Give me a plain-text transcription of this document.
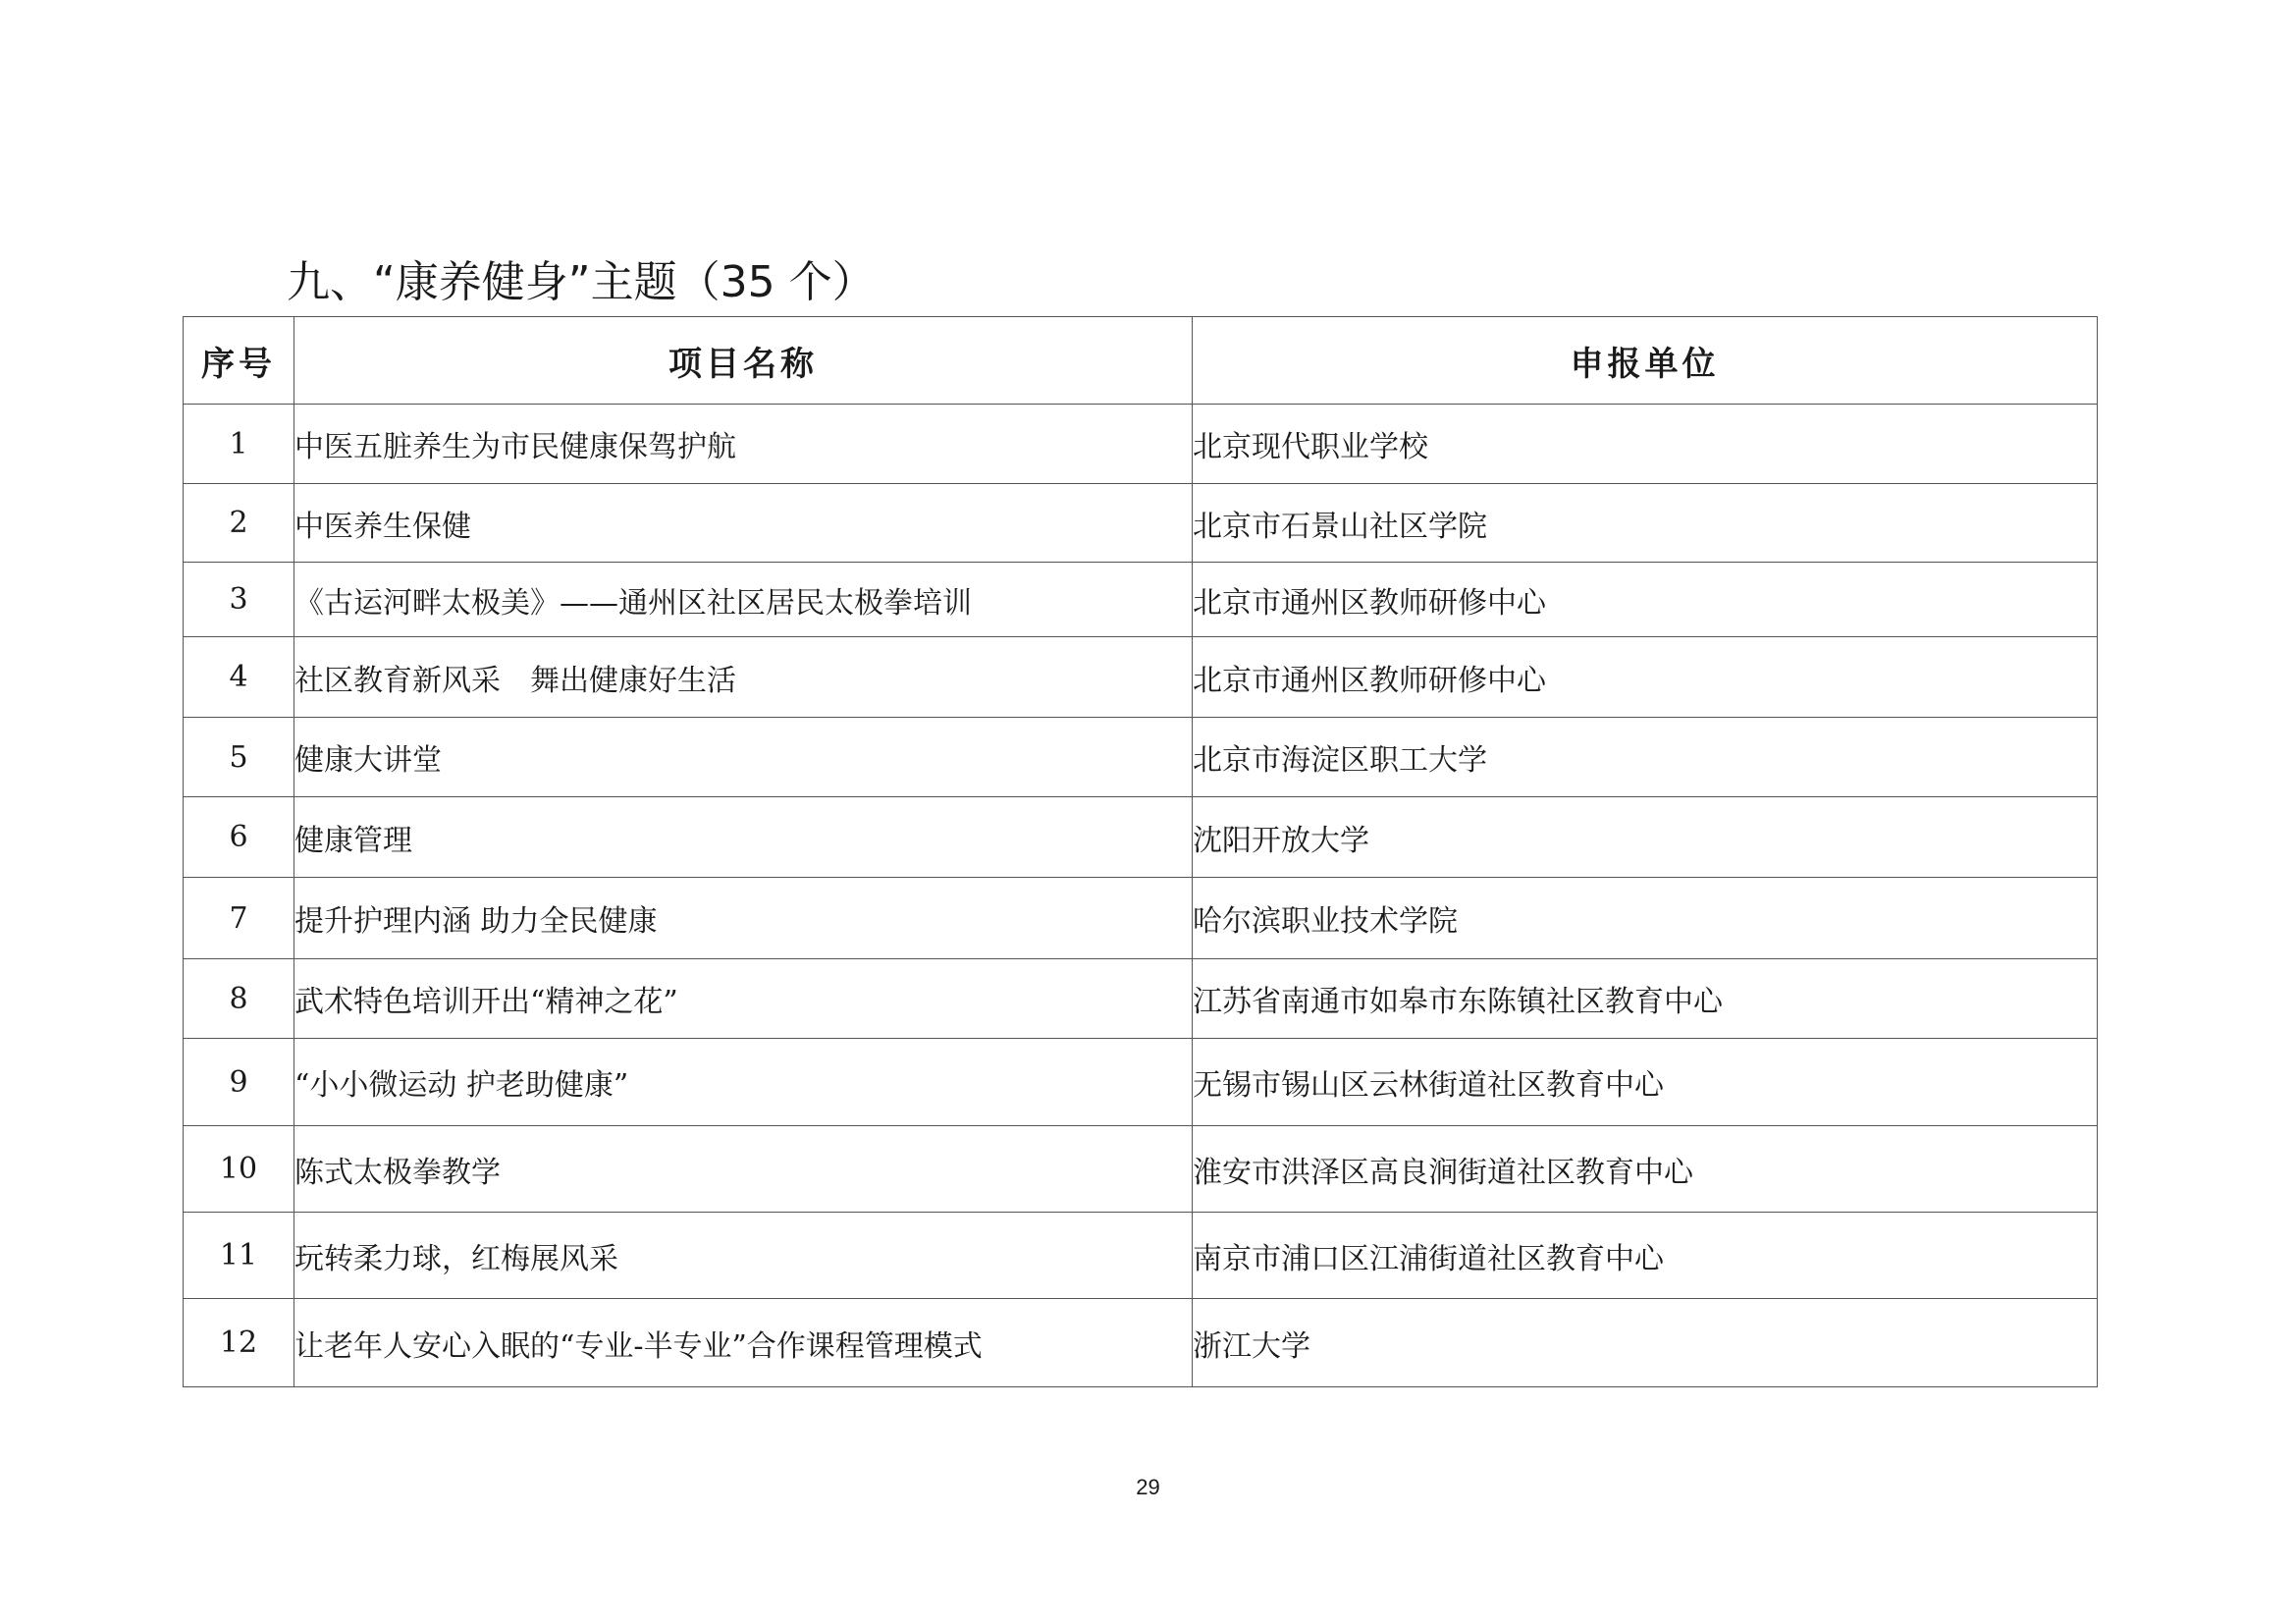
九、“康养健身”主题（35 个）
序号	项目名称	申报单位
1	中医五脏养生为市民健康保驾护航	北京现代职业学校
2	中医养生保健	北京市石景山社区学院
3	《古运河畔太极美》——通州区社区居民太极拳培训	北京市通州区教师研修中心
4	社区教育新风采　舞出健康好生活	北京市通州区教师研修中心
5	健康大讲堂	北京市海淀区职工大学
6	健康管理	沈阳开放大学
7	提升护理内涵 助力全民健康	哈尔滨职业技术学院
8	武术特色培训开出“精神之花”	江苏省南通市如皋市东陈镇社区教育中心
9	“小小微运动 护老助健康”	无锡市锡山区云林街道社区教育中心
10	陈式太极拳教学	淮安市洪泽区高良涧街道社区教育中心
11	玩转柔力球，红梅展风采	南京市浦口区江浦街道社区教育中心
12	让老年人安心入眠的“专业-半专业”合作课程管理模式	浙江大学
29
